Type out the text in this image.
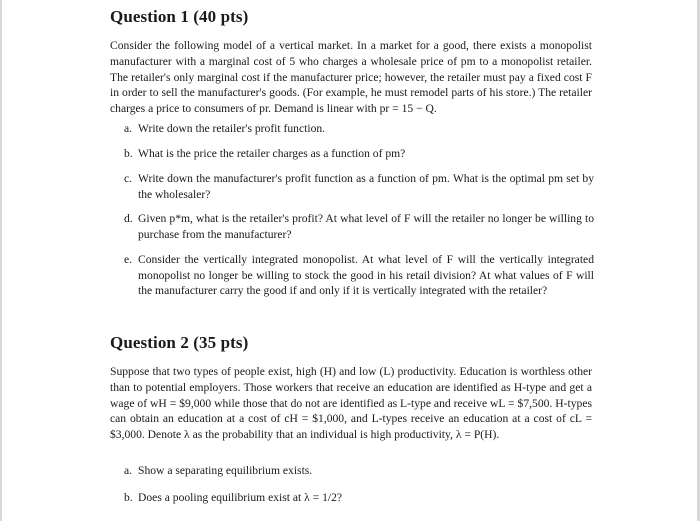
Question 1 (40 pts)
Consider the following model of a vertical market. In a market for a good, there exists a monopolist manufacturer with a marginal cost of 5 who charges a wholesale price of pm to a monopolist retailer. The retailer's only marginal cost if the manufacturer price; however, the retailer must pay a fixed cost F in order to sell the manufacturer's goods. (For example, he must remodel parts of his store.) The retailer charges a price to consumers of pr. Demand is linear with pr = 15 − Q.
a. Write down the retailer's profit function.
b. What is the price the retailer charges as a function of pm?
c. Write down the manufacturer's profit function as a function of pm. What is the optimal pm set by the wholesaler?
d. Given p*m, what is the retailer's profit? At what level of F will the retailer no longer be willing to purchase from the manufacturer?
e. Consider the vertically integrated monopolist. At what level of F will the vertically integrated monopolist no longer be willing to stock the good in his retail division? At what values of F will the manufacturer carry the good if and only if it is vertically integrated with the retailer?
Question 2 (35 pts)
Suppose that two types of people exist, high (H) and low (L) productivity. Education is worthless other than to potential employers. Those workers that receive an education are identified as H-type and get a wage of wH = $9,000 while those that do not are identified as L-type and receive wL = $7,500. H-types can obtain an education at a cost of cH = $1,000, and L-types receive an education at a cost of cL = $3,000. Denote λ as the probability that an individual is high productivity, λ = P(H).
a. Show a separating equilibrium exists.
b. Does a pooling equilibrium exist at λ = 1/2?
